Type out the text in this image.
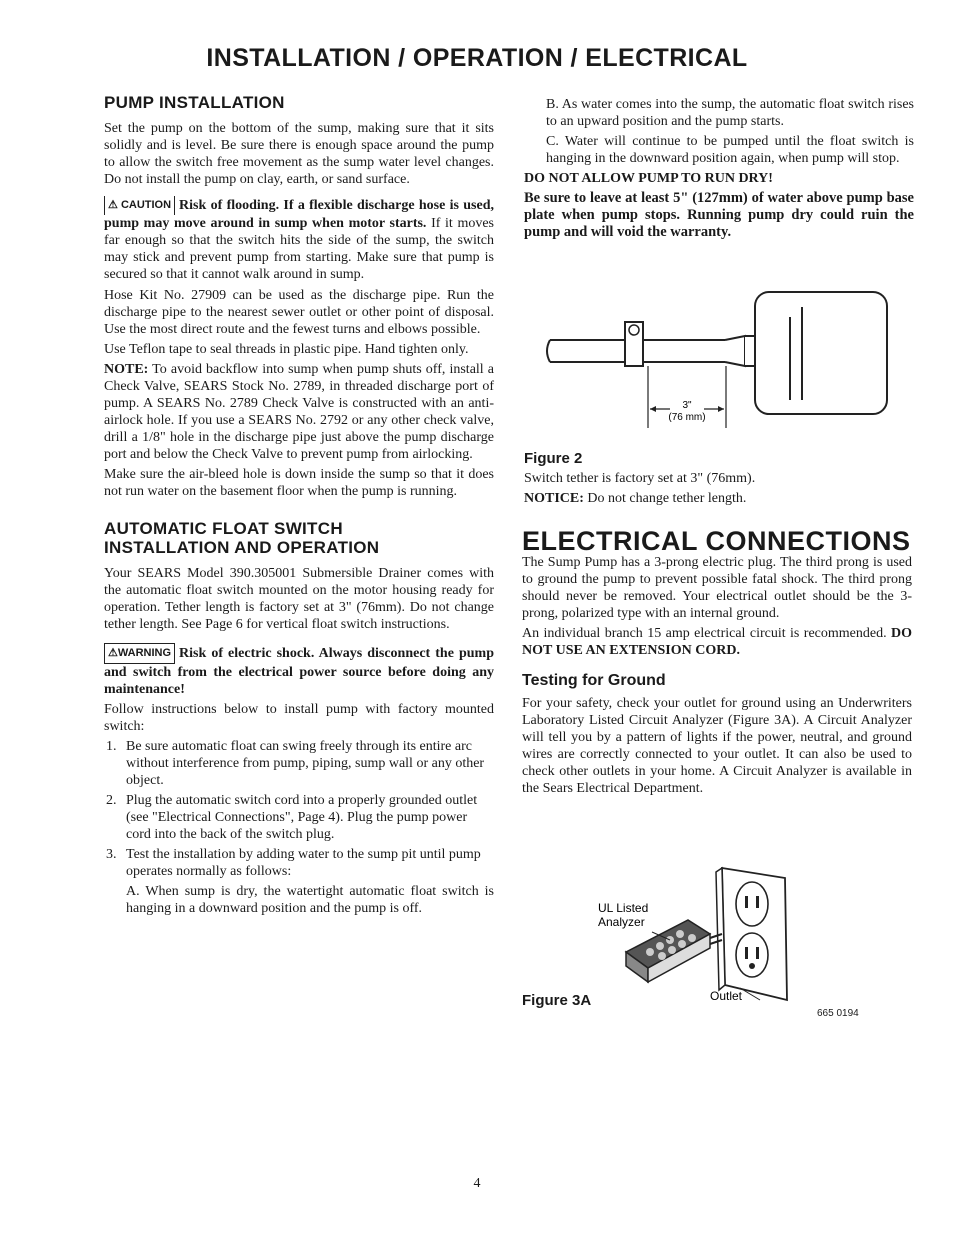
INSTALLATION / OPERATION / ELECTRICAL
PUMP INSTALLATION

Set the pump on the bottom of the sump, making sure that it sits solidly and is level. Be sure there is enough space around the pump to allow the switch free movement as the sump water level changes. Do not install the pump on clay, earth, or sand surface.

⚠ CAUTION Risk of flooding. If a flexible discharge hose is used, pump may move around in sump when motor starts. If it moves far enough so that the switch hits the side of the sump, the switch may stick and prevent pump from starting. Make sure that pump is secured so that it cannot walk around in sump.

Hose Kit No. 27909 can be used as the discharge pipe. Run the discharge pipe to the nearest sewer outlet or other point of disposal. Use the most direct route and the fewest turns and elbows possible.

Use Teflon tape to seal threads in plastic pipe. Hand tighten only.

NOTE: To avoid backflow into sump when pump shuts off, install a Check Valve, SEARS Stock No. 2789, in threaded discharge port of pump. A SEARS No. 2789 Check Valve is constructed with an anti-airlock hole. If you use a SEARS No. 2792 or any other check valve, drill a 1/8" hole in the discharge pipe just above the pump discharge port and below the Check Valve to prevent pump from airlocking.

Make sure the air-bleed hole is down inside the sump so that it does not run water on the basement floor when the pump is running.

AUTOMATIC FLOAT SWITCH
INSTALLATION AND OPERATION

Your SEARS Model 390.305001 Submersible Drainer comes with the automatic float switch mounted on the motor housing ready for operation. Tether length is factory set at 3" (76mm). Do not change tether length. See Page 6 for vertical float switch instructions.

⚠WARNING Risk of electric shock. Always disconnect the pump and switch from the electrical power source before doing any maintenance!

Follow instructions below to install pump with factory mounted switch:

1. Be sure automatic float can swing freely through its entire arc without interference from pump, piping, sump wall or any other object.
2. Plug the automatic switch cord into a properly grounded outlet (see "Electrical Connections", Page 4). Plug the pump power cord into the back of the switch plug.
3. Test the installation by adding water to the sump pit until pump operates normally as follows:

A. When sump is dry, the watertight automatic float switch is hanging in a downward position and the pump is off.

B. As water comes into the sump, the automatic float switch rises to an upward position and the pump starts.

C. Water will continue to be pumped until the float switch is hanging in the downward position again, when pump will stop.

DO NOT ALLOW PUMP TO RUN DRY!

Be sure to leave at least 5" (127mm) of water above pump base plate when pump stops. Running pump dry could ruin the pump and will void the warranty.

3"
(76 mm)
Figure 2

Switch tether is factory set at 3" (76mm).

NOTICE: Do not change tether length.

ELECTRICAL CONNECTIONS

The Sump Pump has a 3-prong electric plug. The third prong is used to ground the pump to prevent possible fatal shock. The third prong should never be removed. Your electrical outlet should be the 3-prong, polarized type with an internal ground.

An individual branch 15 amp electrical circuit is recommended. DO NOT USE AN EXTENSION CORD.

Testing for Ground

For your safety, check your outlet for ground using an Underwriters Laboratory Listed Circuit Analyzer (Figure 3A). A Circuit Analyzer will tell you by a pattern of lights if the power, neutral, and ground wires are correctly connected to your outlet. It can also be used to check other outlets in your home. A Circuit Analyzer is available in the Sears Electrical Department.

UL Listed
Analyzer
Outlet
Figure 3A
665 0194
4
